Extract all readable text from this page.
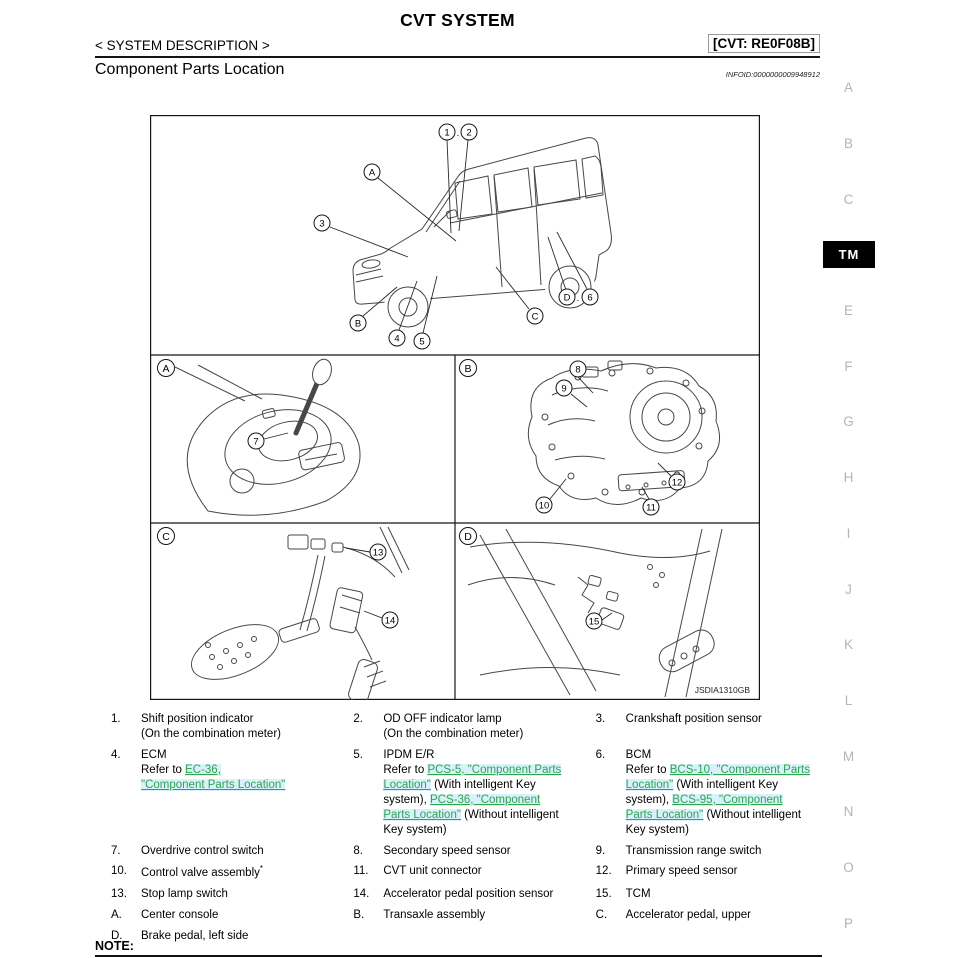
CVT SYSTEM
< SYSTEM DESCRIPTION >	[CVT: RE0F08B]
Component Parts Location	INFOID:0000000009948912
A
B
C
TM
E
F
G
H
I
J
K
L
M
N
O
P
1 . 2
A
3
B
4 5
C
D . 6
7
8
9
10	11
12
13
14	15
A	B
C	D
JSDIA1310GB
1.	Shift position indicator
(On the combination meter)
2.	OD OFF indicator lamp
(On the combination meter)
3.	Crankshaft position sensor
4.	ECM
Refer to EC-36,
"Component Parts Location"
5.	IPDM E/R
Refer to PCS-5, "Component Parts Location" (With intelligent Key system), PCS-36, "Component Parts Location" (Without intelligent Key system)
6.	BCM
Refer to BCS-10, "Component Parts Location" (With intelligent Key system), BCS-95, "Component Parts Location" (Without intelligent Key system)
7.	Overdrive control switch	8.	Secondary speed sensor	9.	Transmission range switch
10.	Control valve assembly*	11.	CVT unit connector	12.	Primary speed sensor
13.	Stop lamp switch	14.	Accelerator pedal position sensor	15.	TCM
A.	Center console	B.	Transaxle assembly	C.	Accelerator pedal, upper
D.	Brake pedal, left side
NOTE:
